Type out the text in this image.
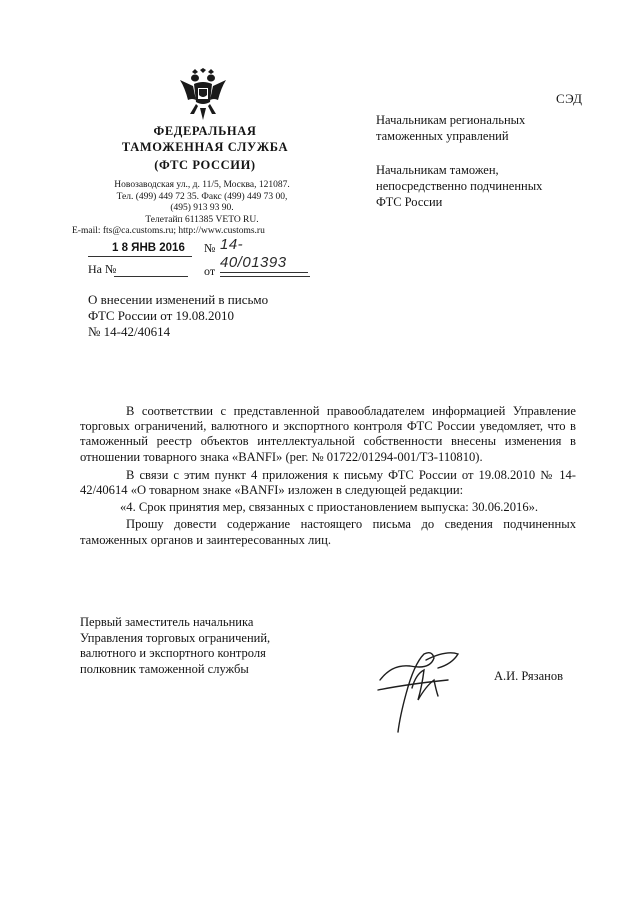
ФЕДЕРАЛЬНАЯ
ТАМОЖЕННАЯ СЛУЖБА
(ФТС РОССИИ)
Новозаводская ул., д. 11/5, Москва, 121087.
Тел. (499) 449 72 35. Факс (499) 449 73 00,
(495) 913 93 90.
Телетайп 611385 VETO RU.
E-mail: fts@ca.customs.ru; http://www.customs.ru
1 8 ЯНВ 2016	№ 14-40/01393
На №	от
СЭД
Начальникам региональных
таможенных управлений
Начальникам таможен,
непосредственно подчиненных
ФТС России
О внесении изменений в письмо
ФТС России от 19.08.2010
№ 14-42/40614

В соответствии с представленной правообладателем информацией Управление торговых ограничений, валютного и экспортного контроля ФТС России уведомляет, что в таможенный реестр объектов интеллектуальной собственности внесены изменения в отношении товарного знака «BANFI» (рег. № 01722/01294-001/ТЗ-110810).

В связи с этим пункт 4 приложения к письму ФТС России от 19.08.2010 № 14-42/40614 «О товарном знаке «BANFI» изложен в следующей редакции:

«4. Срок принятия мер, связанных с приостановлением выпуска: 30.06.2016».

Прошу довести содержание настоящего письма до сведения подчиненных таможенных органов и заинтересованных лиц.

Первый заместитель начальника
Управления торговых ограничений,
валютного и экспортного контроля
полковник таможенной службы
А.И. Рязанов
